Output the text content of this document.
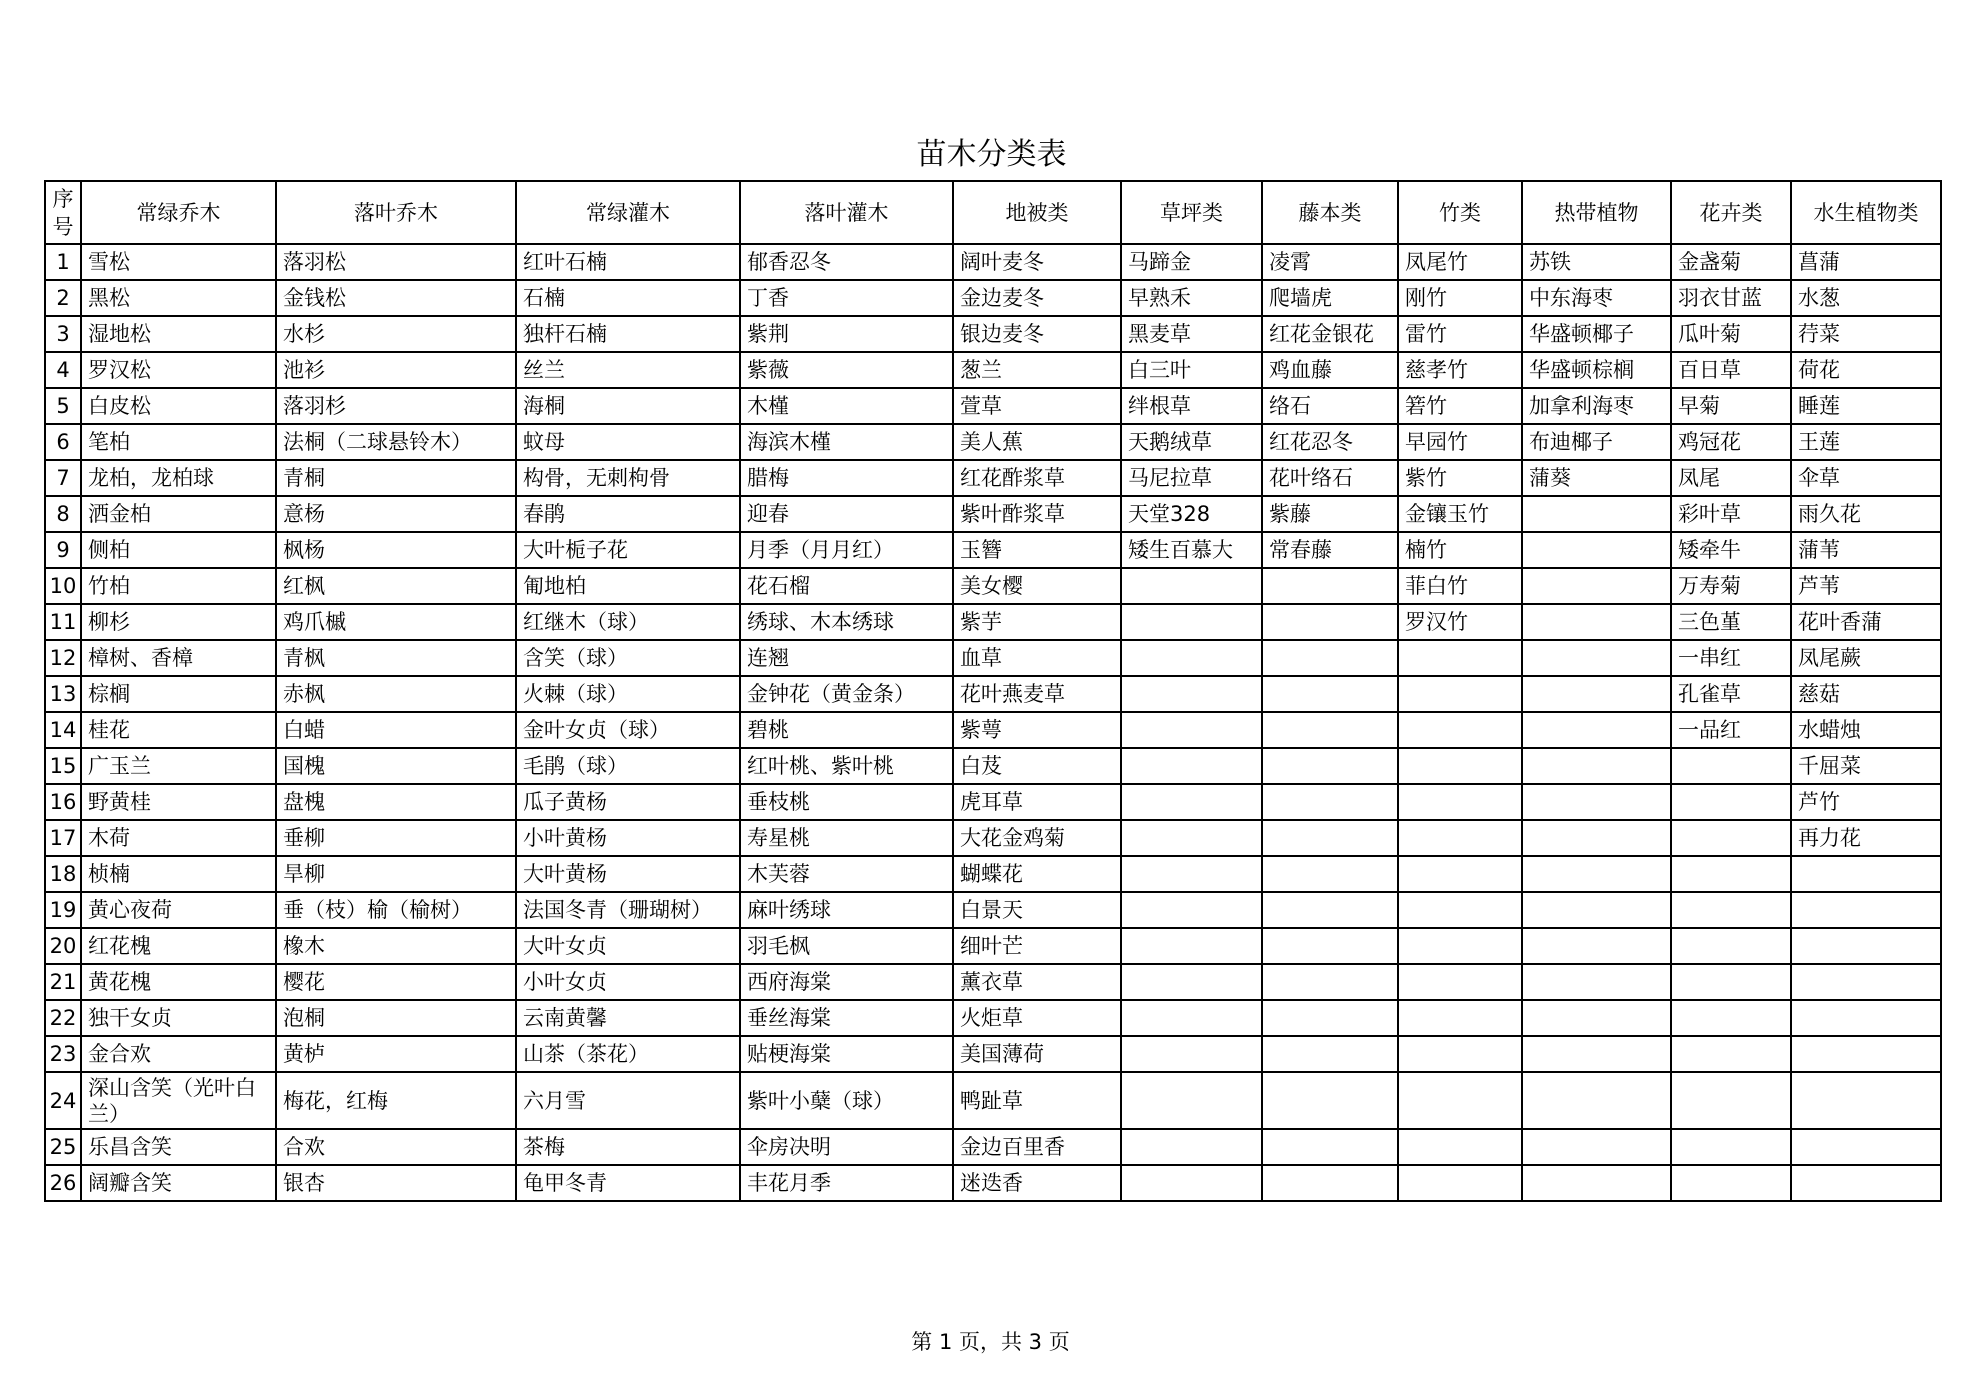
苗木分类表
序号	常绿乔木	落叶乔木	常绿灌木	落叶灌木	地被类	草坪类	藤本类	竹类	热带植物	花卉类	水生植物类
1	雪松	落羽松	红叶石楠	郁香忍冬	阔叶麦冬	马蹄金	凌霄	凤尾竹	苏铁	金盏菊	菖蒲
2	黑松	金钱松	石楠	丁香	金边麦冬	早熟禾	爬墙虎	刚竹	中东海枣	羽衣甘蓝	水葱
3	湿地松	水杉	独杆石楠	紫荆	银边麦冬	黑麦草	红花金银花	雷竹	华盛顿椰子	瓜叶菊	荇菜
4	罗汉松	池衫	丝兰	紫薇	葱兰	白三叶	鸡血藤	慈孝竹	华盛顿棕榈	百日草	荷花
5	白皮松	落羽杉	海桐	木槿	萱草	绊根草	络石	箬竹	加拿利海枣	早菊	睡莲
6	笔柏	法桐（二球悬铃木）	蚊母	海滨木槿	美人蕉	天鹅绒草	红花忍冬	早园竹	布迪椰子	鸡冠花	王莲
7	龙柏，龙柏球	青桐	构骨，无刺枸骨	腊梅	红花酢浆草	马尼拉草	花叶络石	紫竹	蒲葵	凤尾	伞草
8	洒金柏	意杨	春鹃	迎春	紫叶酢浆草	天堂328	紫藤	金镶玉竹		彩叶草	雨久花
9	侧柏	枫杨	大叶栀子花	月季（月月红）	玉簪	矮生百慕大	常春藤	楠竹		矮牵牛	蒲苇
10	竹柏	红枫	匍地柏	花石榴	美女樱			菲白竹		万寿菊	芦苇
11	柳杉	鸡爪槭	红继木（球）	绣球、木本绣球	紫芋			罗汉竹		三色堇	花叶香蒲
12	樟树、香樟	青枫	含笑（球）	连翘	血草					一串红	凤尾蕨
13	棕榈	赤枫	火棘（球）	金钟花（黄金条）	花叶燕麦草					孔雀草	慈菇
14	桂花	白蜡	金叶女贞（球）	碧桃	紫萼					一品红	水蜡烛
15	广玉兰	国槐	毛鹃（球）	红叶桃、紫叶桃	白芨						千屈菜
16	野黄桂	盘槐	瓜子黄杨	垂枝桃	虎耳草						芦竹
17	木荷	垂柳	小叶黄杨	寿星桃	大花金鸡菊						再力花
18	桢楠	旱柳	大叶黄杨	木芙蓉	蝴蝶花						
19	黄心夜荷	垂（枝）榆（榆树）	法国冬青（珊瑚树）	麻叶绣球	白景天						
20	红花槐	橡木	大叶女贞	羽毛枫	细叶芒						
21	黄花槐	樱花	小叶女贞	西府海棠	薰衣草						
22	独干女贞	泡桐	云南黄馨	垂丝海棠	火炬草						
23	金合欢	黄栌	山茶（茶花）	贴梗海棠	美国薄荷						
24	深山含笑（光叶白兰）	梅花，红梅	六月雪	紫叶小蘖（球）	鸭趾草						
25	乐昌含笑	合欢	茶梅	伞房决明	金边百里香						
26	阔瓣含笑	银杏	龟甲冬青	丰花月季	迷迭香						
第 1 页，共 3 页
